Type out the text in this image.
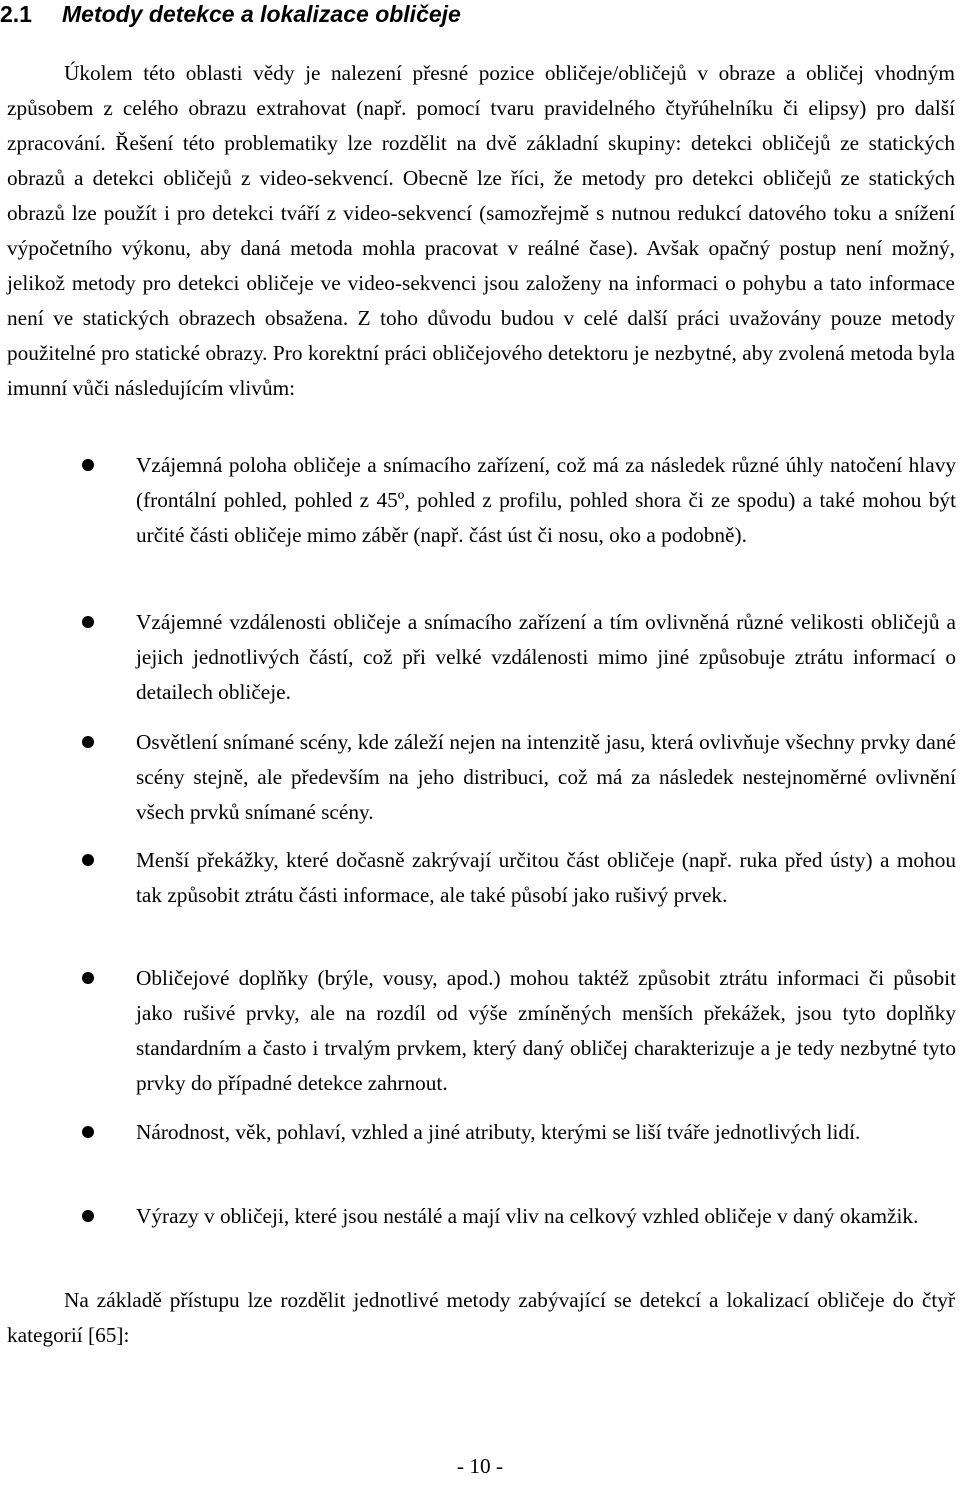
2.1 Metody detekce a lokalizace obličeje

Úkolem této oblasti vědy je nalezení přesné pozice obličeje/obličejů v obraze a obličej vhodným způsobem z celého obrazu extrahovat (např. pomocí tvaru pravidelného čtyřúhelníku či elipsy) pro další zpracování. Řešení této problematiky lze rozdělit na dvě základní skupiny: detekci obličejů ze statických obrazů a detekci obličejů z video-sekvencí. Obecně lze říci, že metody pro detekci obličejů ze statických obrazů lze použít i pro detekci tváří z video-sekvencí (samozřejmě s nutnou redukcí datového toku a snížení výpočetního výkonu, aby daná metoda mohla pracovat v reálné čase). Avšak opačný postup není možný, jelikož metody pro detekci obličeje ve video-sekvenci jsou založeny na informaci o pohybu a tato informace není ve statických obrazech obsažena. Z toho důvodu budou v celé další práci uvažovány pouze metody použitelné pro statické obrazy. Pro korektní práci obličejového detektoru je nezbytné, aby zvolená metoda byla imunní vůči následujícím vlivům:

Vzájemná poloha obličeje a snímacího zařízení, což má za následek různé úhly natočení hlavy (frontální pohled, pohled z 45º, pohled z profilu, pohled shora či ze spodu) a také mohou být určité části obličeje mimo záběr (např. část úst či nosu, oko a podobně).

Vzájemné vzdálenosti obličeje a snímacího zařízení a tím ovlivněná různé velikosti obličejů a jejich jednotlivých částí, což při velké vzdálenosti mimo jiné způsobuje ztrátu informací o detailech obličeje.

Osvětlení snímané scény, kde záleží nejen na intenzitě jasu, která ovlivňuje všechny prvky dané scény stejně, ale především na jeho distribuci, což má za následek nestejnoměrné ovlivnění všech prvků snímané scény.

Menší překážky, které dočasně zakrývají určitou část obličeje (např. ruka před ústy) a mohou tak způsobit ztrátu části informace, ale také působí jako rušivý prvek.

Obličejové doplňky (brýle, vousy, apod.) mohou taktéž způsobit ztrátu informaci či působit jako rušivé prvky, ale na rozdíl od výše zmíněných menších překážek, jsou tyto doplňky standardním a často i trvalým prvkem, který daný obličej charakterizuje a je tedy nezbytné tyto prvky do případné detekce zahrnout.

Národnost, věk, pohlaví, vzhled a jiné atributy, kterými se liší tváře jednotlivých lidí.

Výrazy v obličeji, které jsou nestálé a mají vliv na celkový vzhled obličeje v daný okamžik.

Na základě přístupu lze rozdělit jednotlivé metody zabývající se detekcí a lokalizací obličeje do čtyř kategorií [65]:

- 10 -
